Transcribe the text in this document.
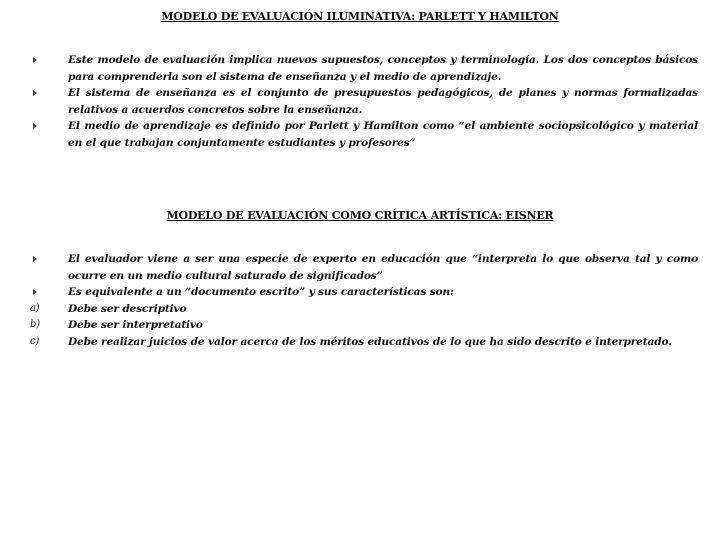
MODELO DE EVALUACIÓN ILUMINATIVA: PARLETT Y HAMILTON
Este modelo de evaluación implica nuevos supuestos, conceptos y terminología. Los dos conceptos básicos para comprenderla son el sistema de enseñanza y el medio de aprendizaje.
El sistema de enseñanza es el conjunto de presupuestos pedagógicos, de planes y normas formalizadas relativos a acuerdos concretos sobre la enseñanza.
El medio de aprendizaje es definido por Parlett y Hamilton como “el ambiente sociopsicológico y material en el que trabajan conjuntamente estudiantes y profesores”
MODELO DE EVALUACIÓN COMO CRÍTICA ARTÍSTICA: EISNER
El evaluador viene a ser una especie de experto en educación que “interpreta lo que observa tal y como ocurre en un medio cultural saturado de significados”
Es equivalente a un “documento escrito” y sus características son:
a)	Debe ser descriptivo
b)	Debe ser interpretativo
c)	Debe realizar juicios de valor acerca de los méritos educativos de lo que ha sido descrito e interpretado.
